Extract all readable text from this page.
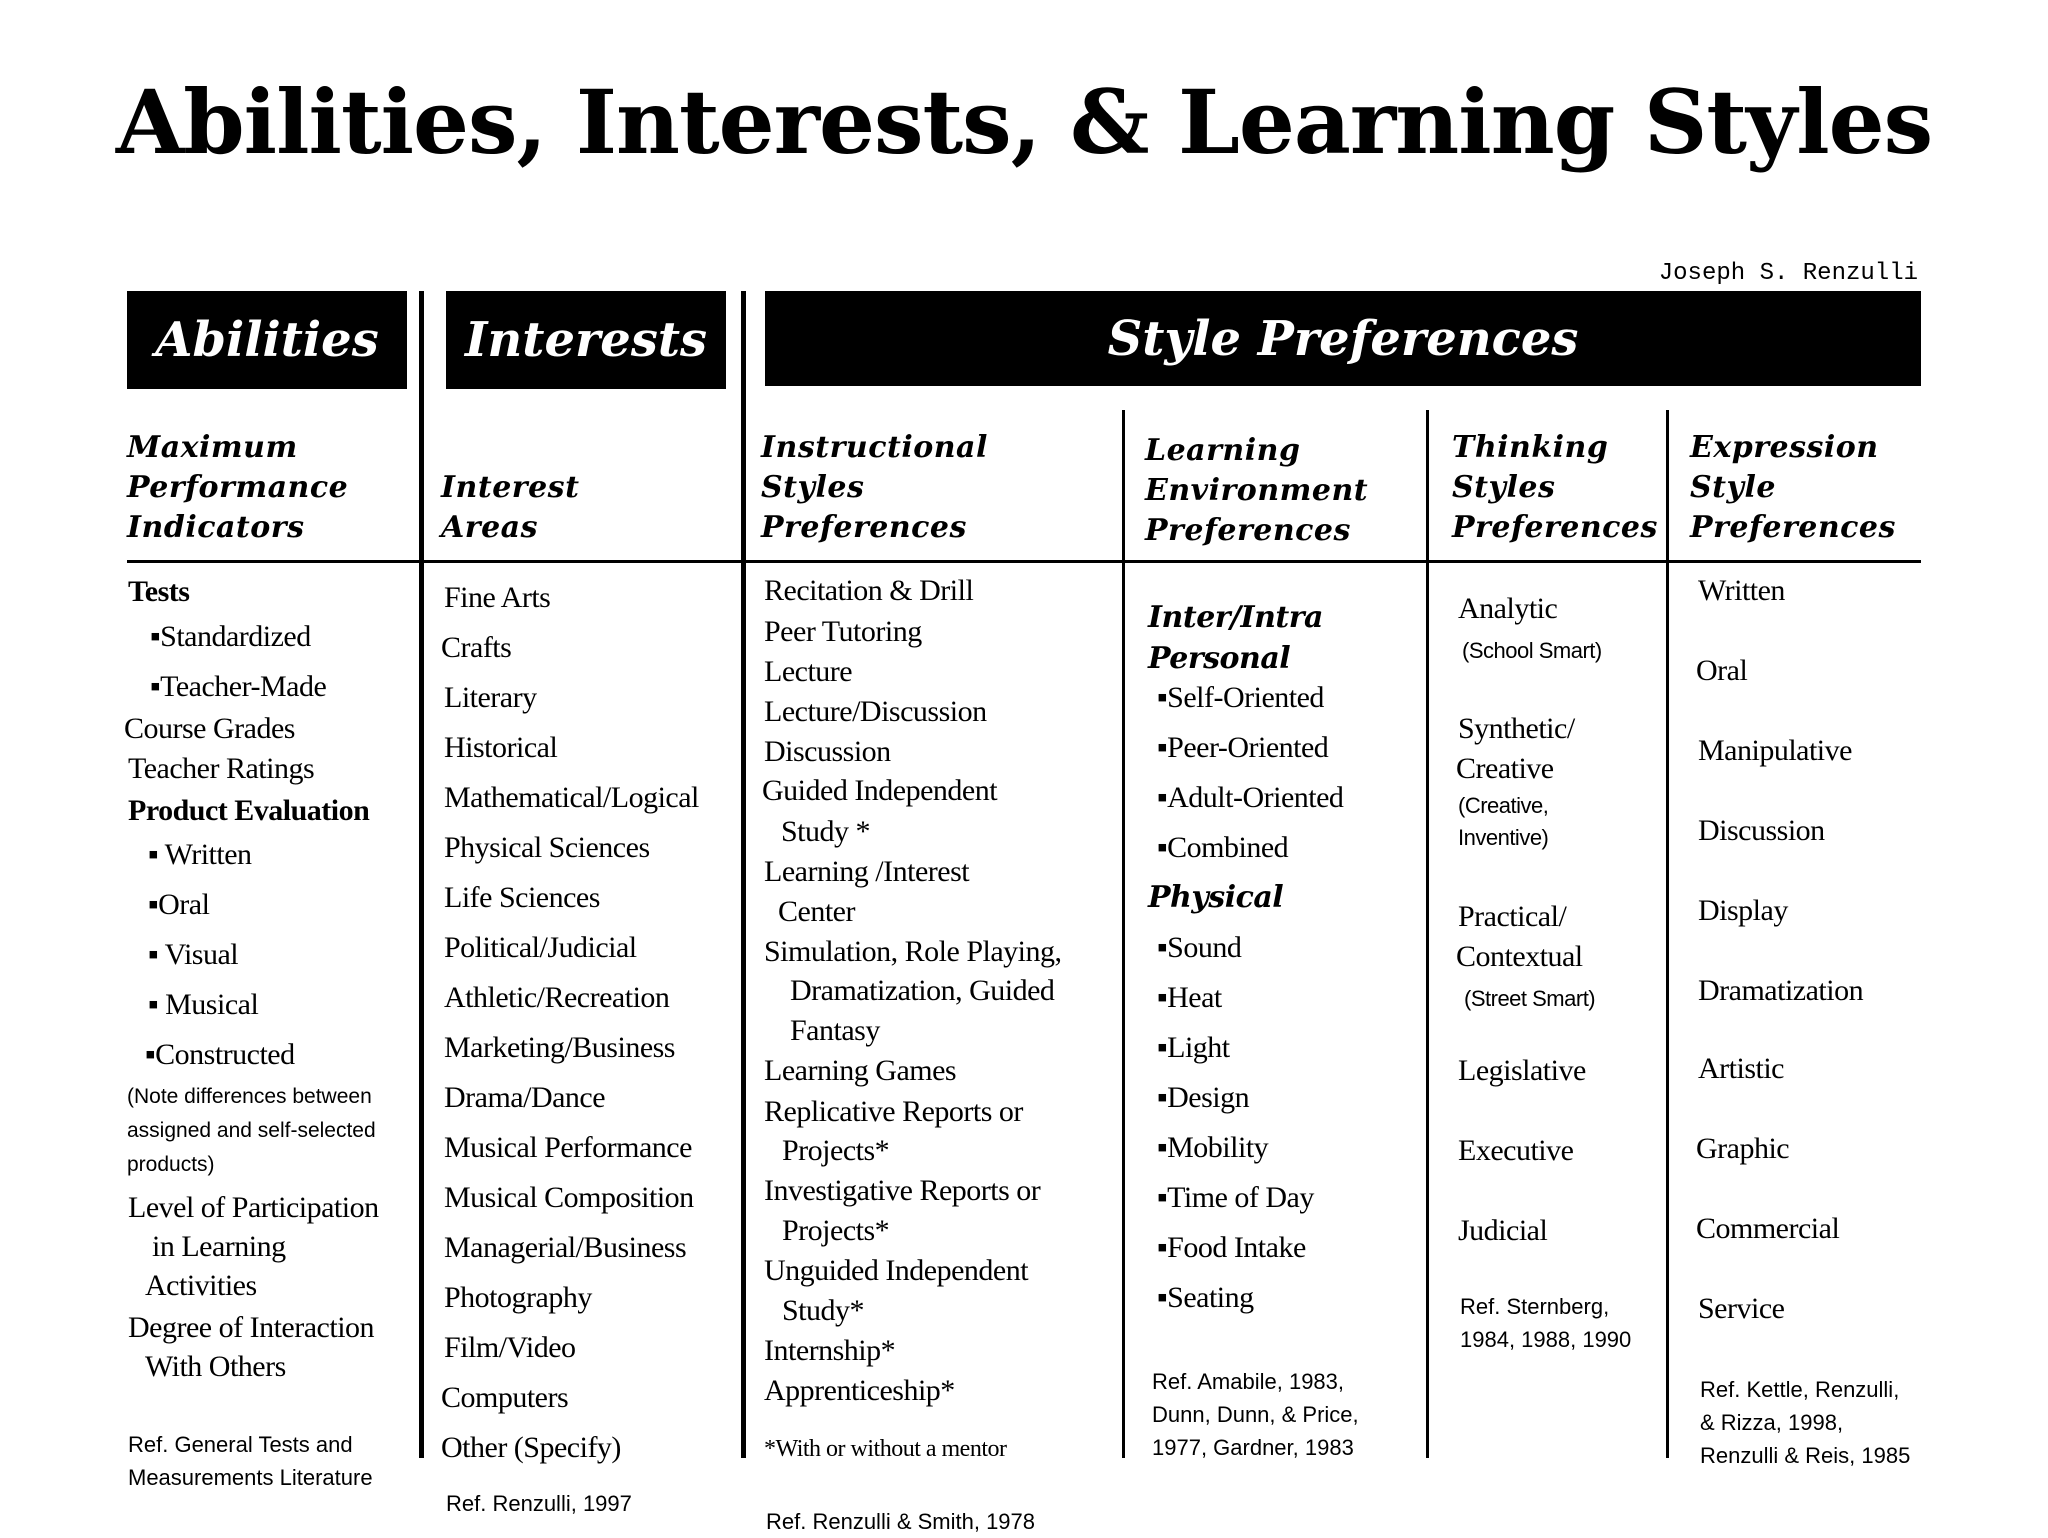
Abilities, Interests, & Learning Styles
Joseph S. Renzulli
Abilities	Interests	Style Preferences
Maximum
Performance
Indicators
Interest
Areas
Instructional
Styles
Preferences
Learning
Environment
Preferences
Thinking
Styles
Preferences
Expression
Style
Preferences
Tests
▪Standardized
▪Teacher-Made
Course Grades
Teacher Ratings
Product Evaluation
▪ Written
▪Oral
▪ Visual
▪ Musical
▪Constructed
(Note differences between
assigned and self-selected
products)
Level of Participation
in Learning
Activities
Degree of Interaction
With Others
Ref. General Tests and
Measurements Literature
Fine Arts
Crafts
Literary
Historical
Mathematical/Logical
Physical Sciences
Life Sciences
Political/Judicial
Athletic/Recreation
Marketing/Business
Drama/Dance
Musical Performance
Musical Composition
Managerial/Business
Photography
Film/Video
Computers
Other (Specify)
Ref. Renzulli, 1997
Recitation & Drill
Peer Tutoring
Lecture
Lecture/Discussion
Discussion
Guided Independent
Study *
Learning /Interest
Center
Simulation, Role Playing,
Dramatization, Guided
Fantasy
Learning Games
Replicative Reports or
Projects*
Investigative Reports or
Projects*
Unguided Independent
Study*
Internship*
Apprenticeship*
*With or without a mentor
Ref. Renzulli & Smith, 1978
Inter/Intra
Personal
▪Self-Oriented
▪Peer-Oriented
▪Adult-Oriented
▪Combined
Physical
▪Sound
▪Heat
▪Light
▪Design
▪Mobility
▪Time of Day
▪Food Intake
▪Seating
Ref. Amabile, 1983,
Dunn, Dunn, & Price,
1977, Gardner, 1983
Analytic
(School Smart)
Synthetic/
Creative
(Creative,
Inventive)
Practical/
Contextual
(Street Smart)
Legislative
Executive
Judicial
Ref. Sternberg,
1984, 1988, 1990
Written
Oral
Manipulative
Discussion
Display
Dramatization
Artistic
Graphic
Commercial
Service
Ref. Kettle, Renzulli,
& Rizza, 1998,
Renzulli & Reis, 1985
